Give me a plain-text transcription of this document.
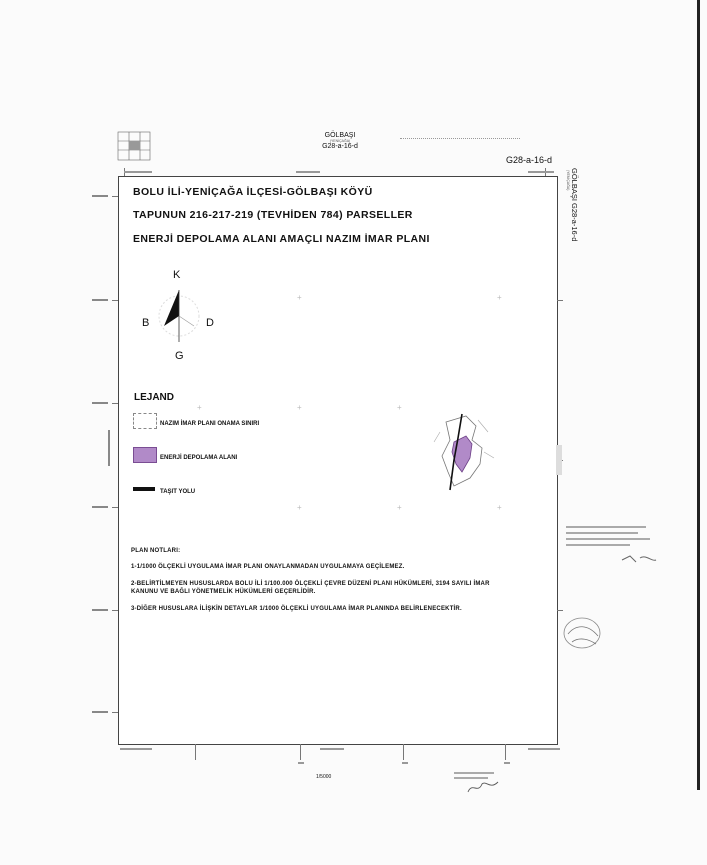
GÖLBAŞI
(YENİÇAĞA)
G28-a-16-d
G28-a-16-d
GÖLBAŞI G28-a-16-d
(YENİÇAĞA)
+
+
+
+	+
+
+
+
BOLU İLİ-YENİÇAĞA İLÇESİ-GÖLBAŞI KÖYÜ
TAPUNUN 216-217-219 (TEVHİDEN 784) PARSELLER
ENERJİ DEPOLAMA ALANI AMAÇLI NAZIM İMAR PLANI
K
G
B	D
LEJAND
NAZIM İMAR PLANI ONAMA SINIRI
ENERJİ DEPOLAMA ALANI
TAŞIT YOLU
PLAN NOTLARI:
1-1/1000 ÖLÇEKLİ UYGULAMA İMAR PLANI ONAYLANMADAN UYGULAMAYA GEÇİLEMEZ.
2-BELİRTİLMEYEN HUSUSLARDA BOLU İLİ 1/100.000 ÖLÇEKLİ ÇEVRE DÜZENİ PLANI HÜKÜMLERİ, 3194 SAYILI İMAR KANUNU VE BAĞLI YÖNETMELİK HÜKÜMLERİ GEÇERLİDİR.
3-DİĞER HUSUSLARA İLİŞKİN DETAYLAR 1/1000 ÖLÇEKLİ UYGULAMA İMAR PLANINDA BELİRLENECEKTİR.
1/5000
